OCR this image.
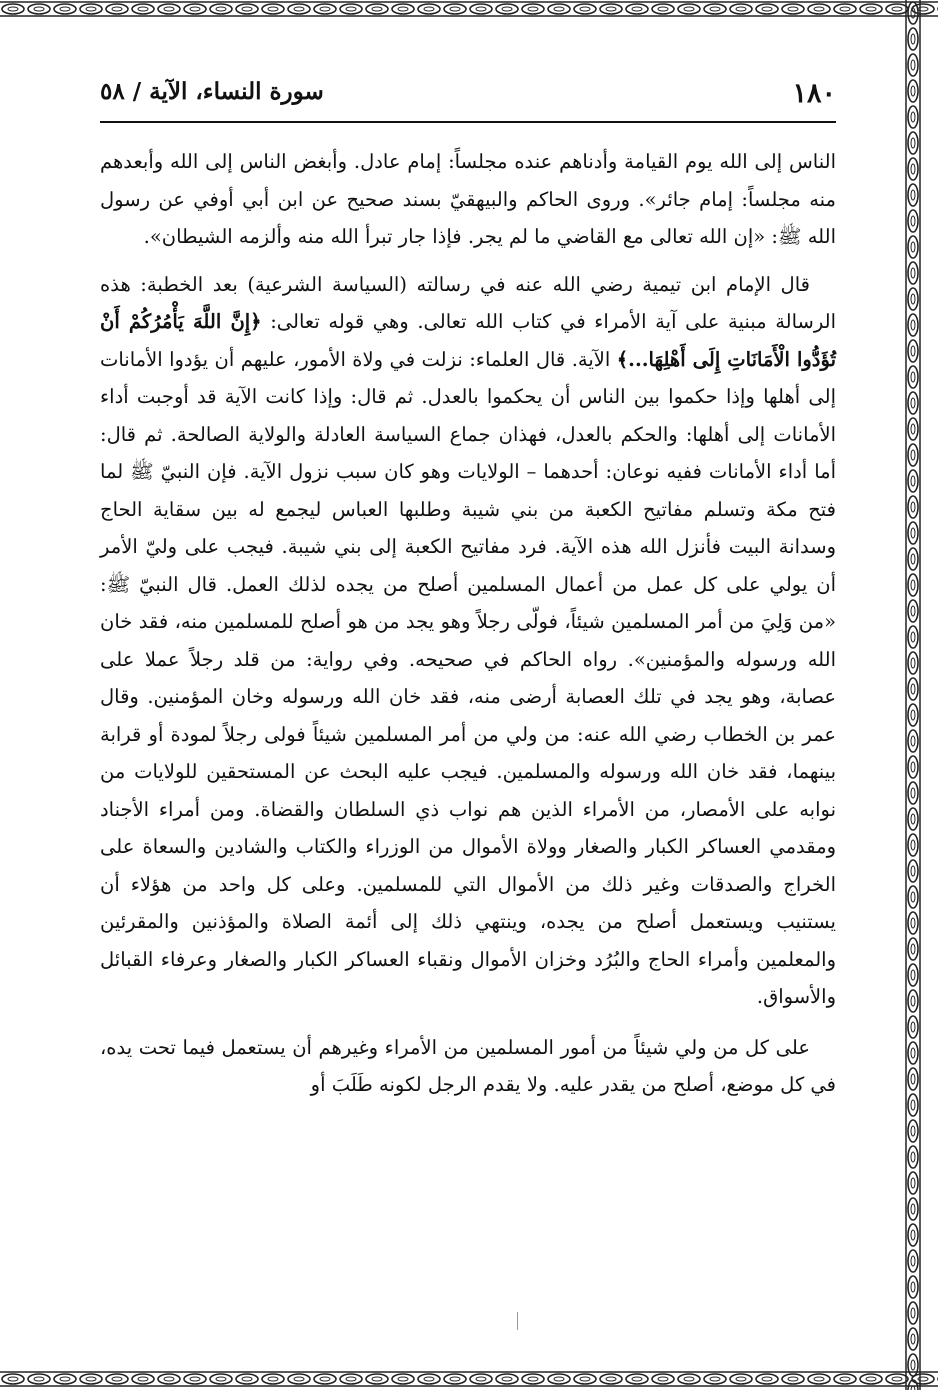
١٨٠
سورة النساء، الآية / ٥٨

الناس إلى الله يوم القيامة وأدناهم عنده مجلساً: إمام عادل. وأبغض الناس إلى الله وأبعدهم منه مجلساً: إمام جائر». وروى الحاكم والبيهقيّ بسند صحيح عن ابن أبي أوفي عن رسول الله ﷺ: «إن الله تعالى مع القاضي ما لم يجر. فإذا جار تبرأ الله منه وألزمه الشيطان».

قال الإمام ابن تيمية رضي الله عنه في رسالته (السياسة الشرعية) بعد الخطبة: هذه الرسالة مبنية على آية الأمراء في كتاب الله تعالى. وهي قوله تعالى: ﴿إِنَّ اللَّهَ يَأْمُرُكُمْ أَنْ تُؤَدُّوا الْأَمَانَاتِ إِلَى أَهْلِهَا...﴾ الآية. قال العلماء: نزلت في ولاة الأمور، عليهم أن يؤدوا الأمانات إلى أهلها وإذا حكموا بين الناس أن يحكموا بالعدل. ثم قال: وإذا كانت الآية قد أوجبت أداء الأمانات إلى أهلها: والحكم بالعدل، فهذان جماع السياسة العادلة والولاية الصالحة. ثم قال: أما أداء الأمانات ففيه نوعان: أحدهما – الولايات وهو كان سبب نزول الآية. فإن النبيّ ﷺ لما فتح مكة وتسلم مفاتيح الكعبة من بني شيبة وطلبها العباس ليجمع له بين سقاية الحاج وسدانة البيت فأنزل الله هذه الآية. فرد مفاتيح الكعبة إلى بني شيبة. فيجب على وليّ الأمر أن يولي على كل عمل من أعمال المسلمين أصلح من يجده لذلك العمل. قال النبيّ ﷺ: «من وَلِيَ من أمر المسلمين شيئاً، فولّى رجلاً وهو يجد من هو أصلح للمسلمين منه، فقد خان الله ورسوله والمؤمنين». رواه الحاكم في صحيحه. وفي رواية: من قلد رجلاً عملا على عصابة، وهو يجد في تلك العصابة أرضى منه، فقد خان الله ورسوله وخان المؤمنين. وقال عمر بن الخطاب رضي الله عنه: من ولي من أمر المسلمين شيئاً فولى رجلاً لمودة أو قرابة بينهما، فقد خان الله ورسوله والمسلمين. فيجب عليه البحث عن المستحقين للولايات من نوابه على الأمصار، من الأمراء الذين هم نواب ذي السلطان والقضاة. ومن أمراء الأجناد ومقدمي العساكر الكبار والصغار وولاة الأموال من الوزراء والكتاب والشادين والسعاة على الخراج والصدقات وغير ذلك من الأموال التي للمسلمين. وعلى كل واحد من هؤلاء أن يستنيب ويستعمل أصلح من يجده، وينتهي ذلك إلى أئمة الصلاة والمؤذنين والمقرئين والمعلمين وأمراء الحاج والبُرُد وخزان الأموال ونقباء العساكر الكبار والصغار وعرفاء القبائل والأسواق.

على كل من ولي شيئاً من أمور المسلمين من الأمراء وغيرهم أن يستعمل فيما تحت يده، في كل موضع، أصلح من يقدر عليه. ولا يقدم الرجل لكونه طَلَبَ أو
